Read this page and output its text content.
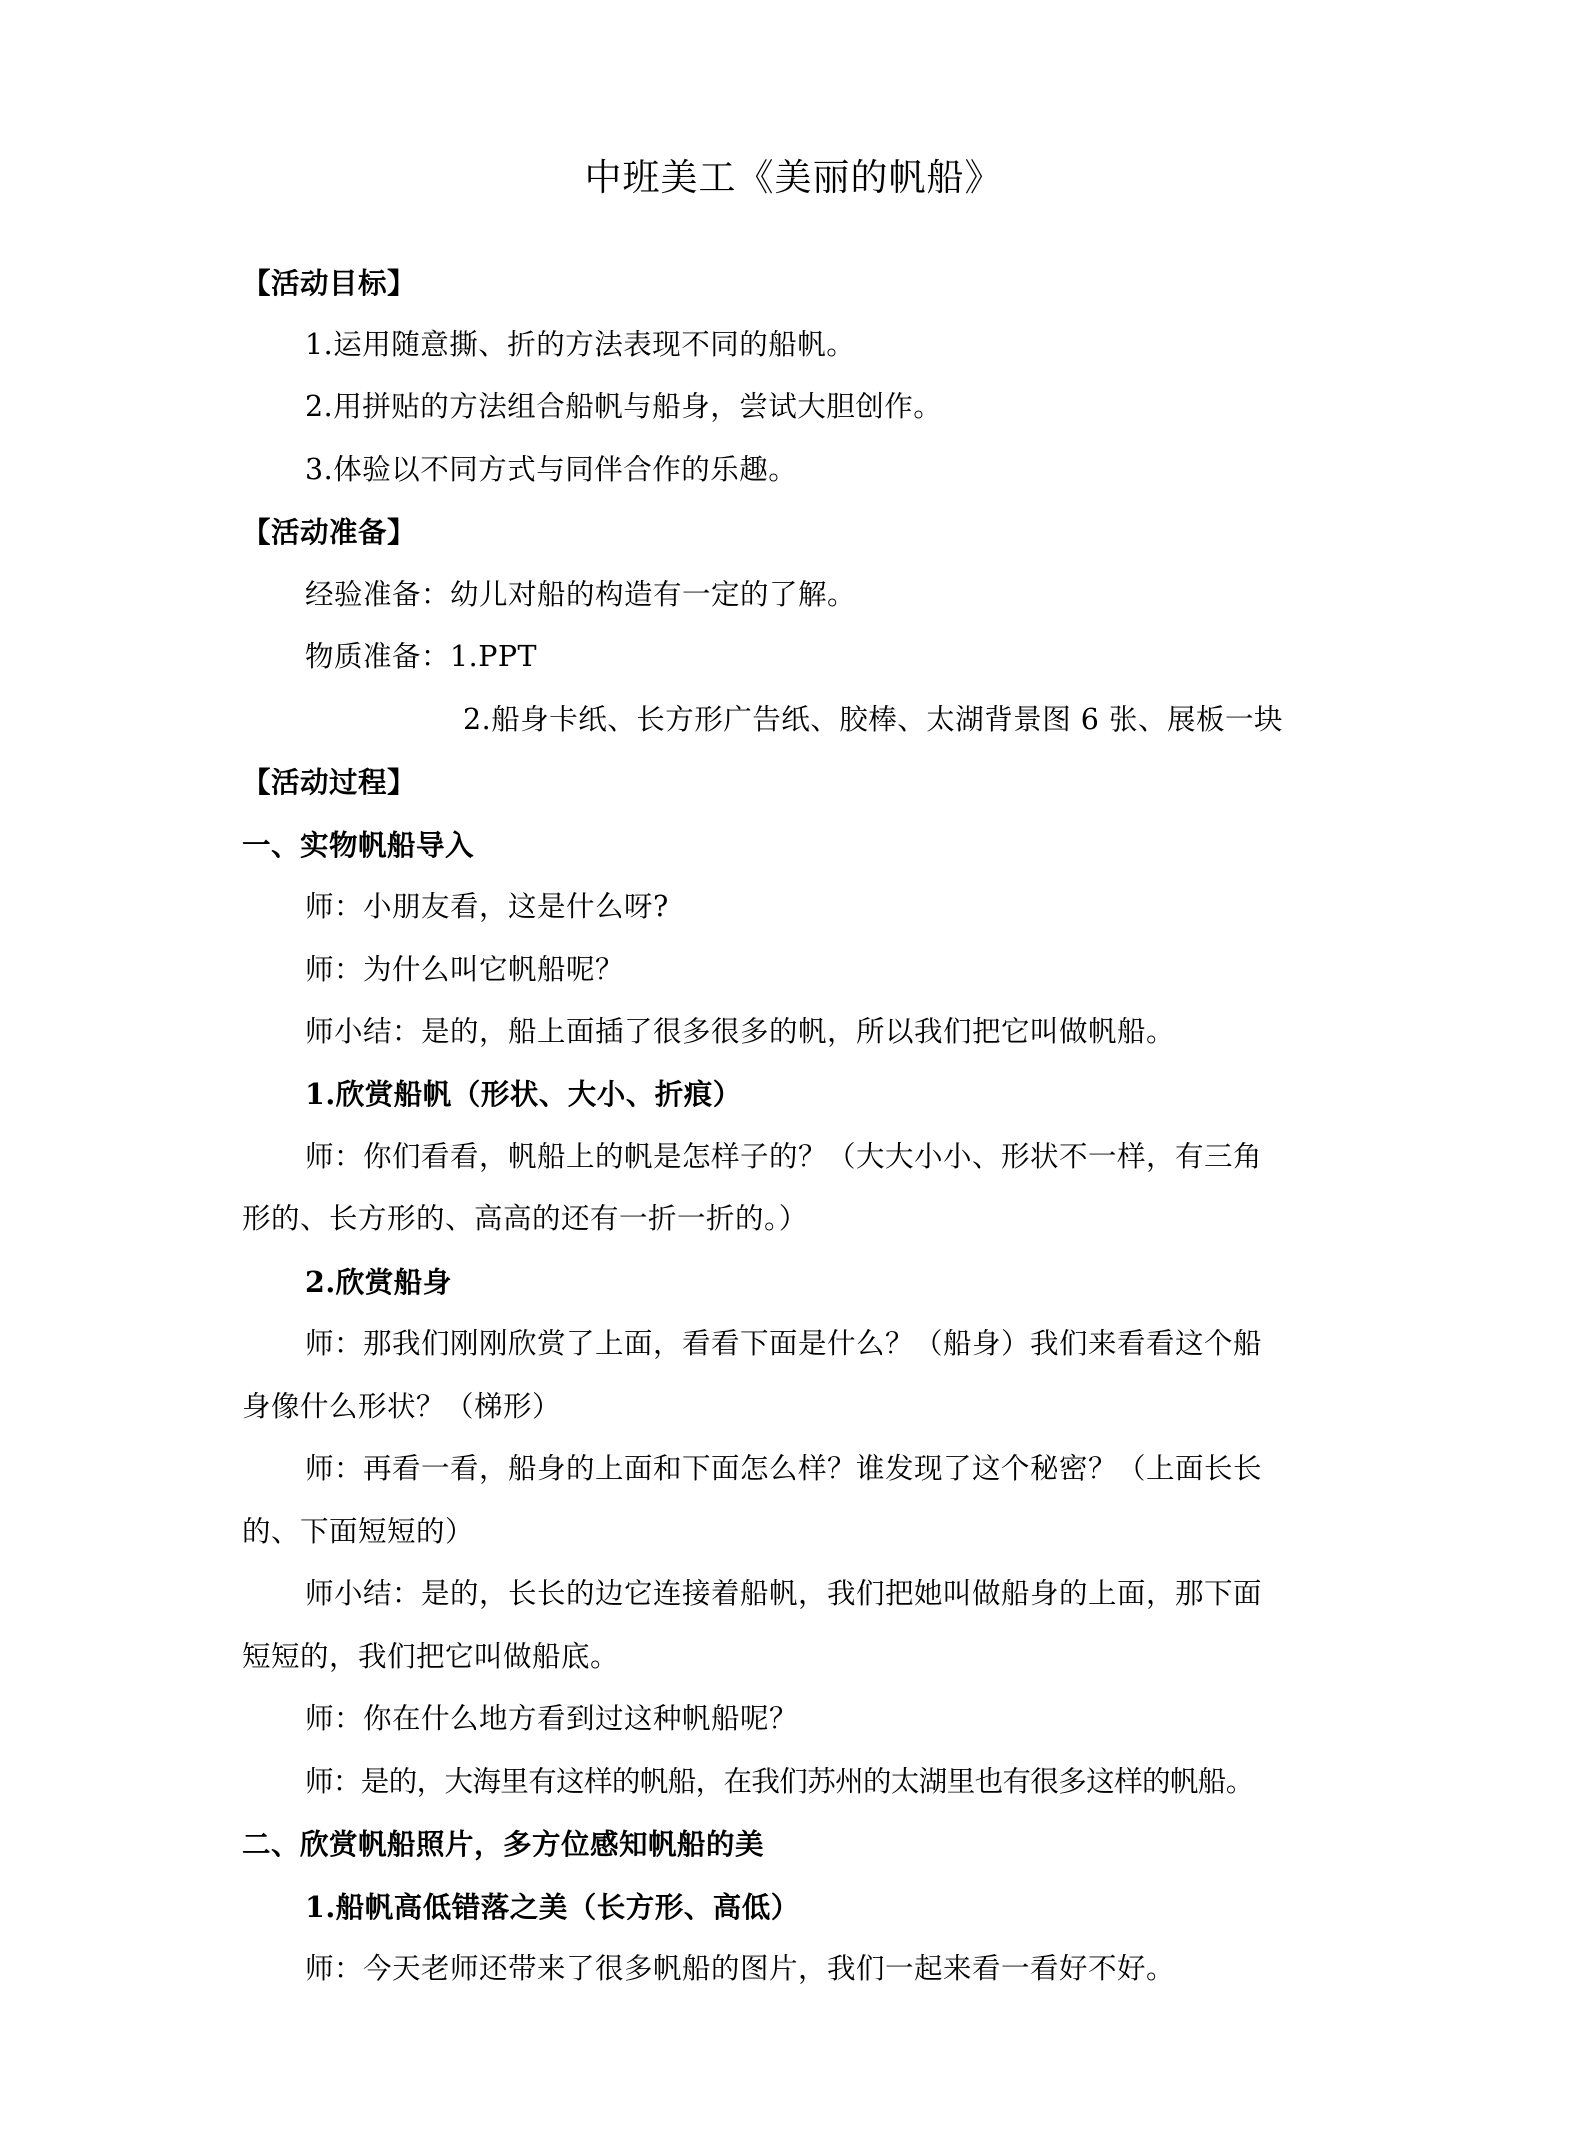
中班美工《美丽的帆船》
【活动目标】
1.运用随意撕、折的方法表现不同的船帆。
2.用拼贴的方法组合船帆与船身，尝试大胆创作。
3.体验以不同方式与同伴合作的乐趣。
【活动准备】
经验准备：幼儿对船的构造有一定的了解。
物质准备：1.PPT
2.船身卡纸、长方形广告纸、胶棒、太湖背景图 6 张、展板一块
【活动过程】
一、实物帆船导入
师：小朋友看，这是什么呀?
师：为什么叫它帆船呢？
师小结：是的，船上面插了很多很多的帆，所以我们把它叫做帆船。
1.欣赏船帆（形状、大小、折痕）
师：你们看看，帆船上的帆是怎样子的？（大大小小、形状不一样，有三角
形的、长方形的、高高的还有一折一折的。）
2.欣赏船身
师：那我们刚刚欣赏了上面，看看下面是什么？（船身）我们来看看这个船
身像什么形状？（梯形）
师：再看一看，船身的上面和下面怎么样？谁发现了这个秘密？（上面长长
的、下面短短的）
师小结：是的，长长的边它连接着船帆，我们把她叫做船身的上面，那下面
短短的，我们把它叫做船底。
师：你在什么地方看到过这种帆船呢？
师：是的，大海里有这样的帆船，在我们苏州的太湖里也有很多这样的帆船。
二、欣赏帆船照片，多方位感知帆船的美
1.船帆高低错落之美（长方形、高低）
师：今天老师还带来了很多帆船的图片，我们一起来看一看好不好。
